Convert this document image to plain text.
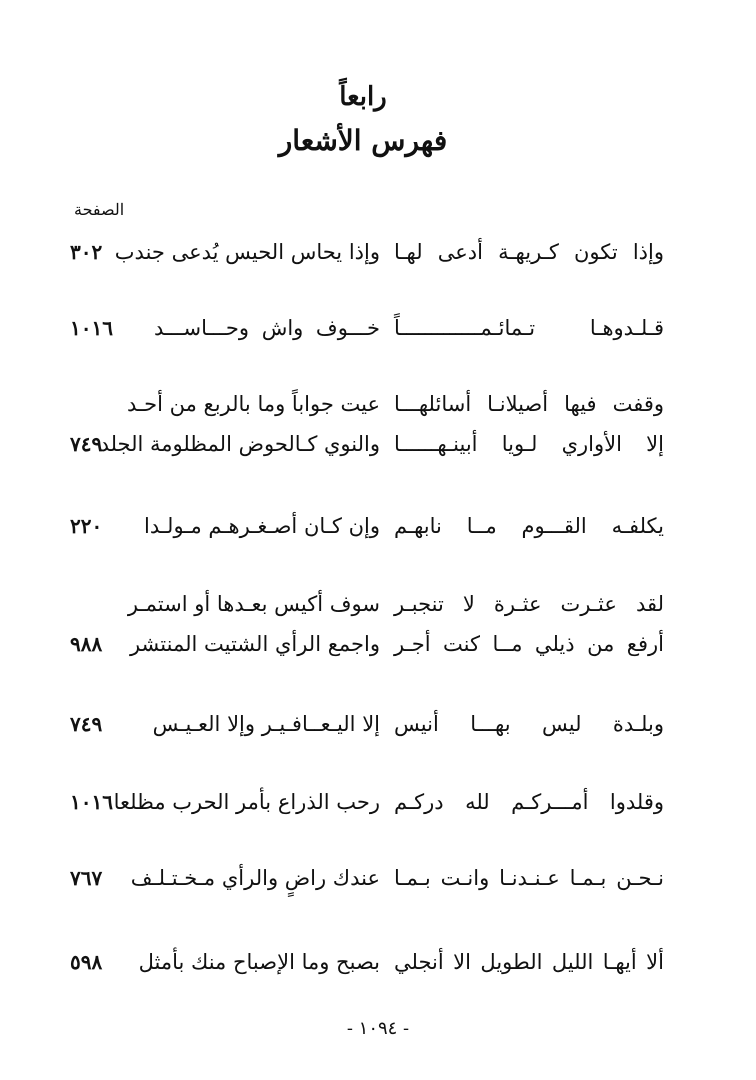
رابعاً
فهرس الأشعار
الصفحة
وإذا تكون كـريهـة أدعى لهـا
وإذا يحاس الحيس يُدعى جندب
٣٠٢
قـلـدوهـا تـمائـمـــــــــــــاً
خـــوف واش وحـــاســـد
١٠١٦
وقفت فيها أصيلانـا أسائلهـــا
عيت جواباً وما بالربع من أحـد
إلا الأواري لـويا أبينـهــــــا
والنوي كـالحوض المظلومة الجلد
٧٤٩
يكلفـه القـــوم مــا نابهـم
وإن كـان أصـغـرهـم مـولـدا
٢٢٠
لقد عثـرت عثـرة لا تنجبـر
سوف أكيس بعـدها أو استمـر
أرفع من ذيلي مــا كنت أجـر
واجمع الرأي الشتيت المنتشر
٩٨٨
وبلـدة ليس بهـــا أنيس
إلا اليـعــافـيـر وإلا العـيـس
٧٤٩
وقلدوا أمـــركـم لله دركـم
رحب الذراع بأمر الحرب مظلعا
١٠١٦
نـحـن بـمـا عـنـدنـا وانـت بـمـا
عندك راضٍ والرأي مـخـتـلـف
٧٦٧
ألا أيهـا الليل الطويل الا أنجلي
بصبح وما الإصباح منك بأمثل
٥٩٨
- ١٠٩٤ -
